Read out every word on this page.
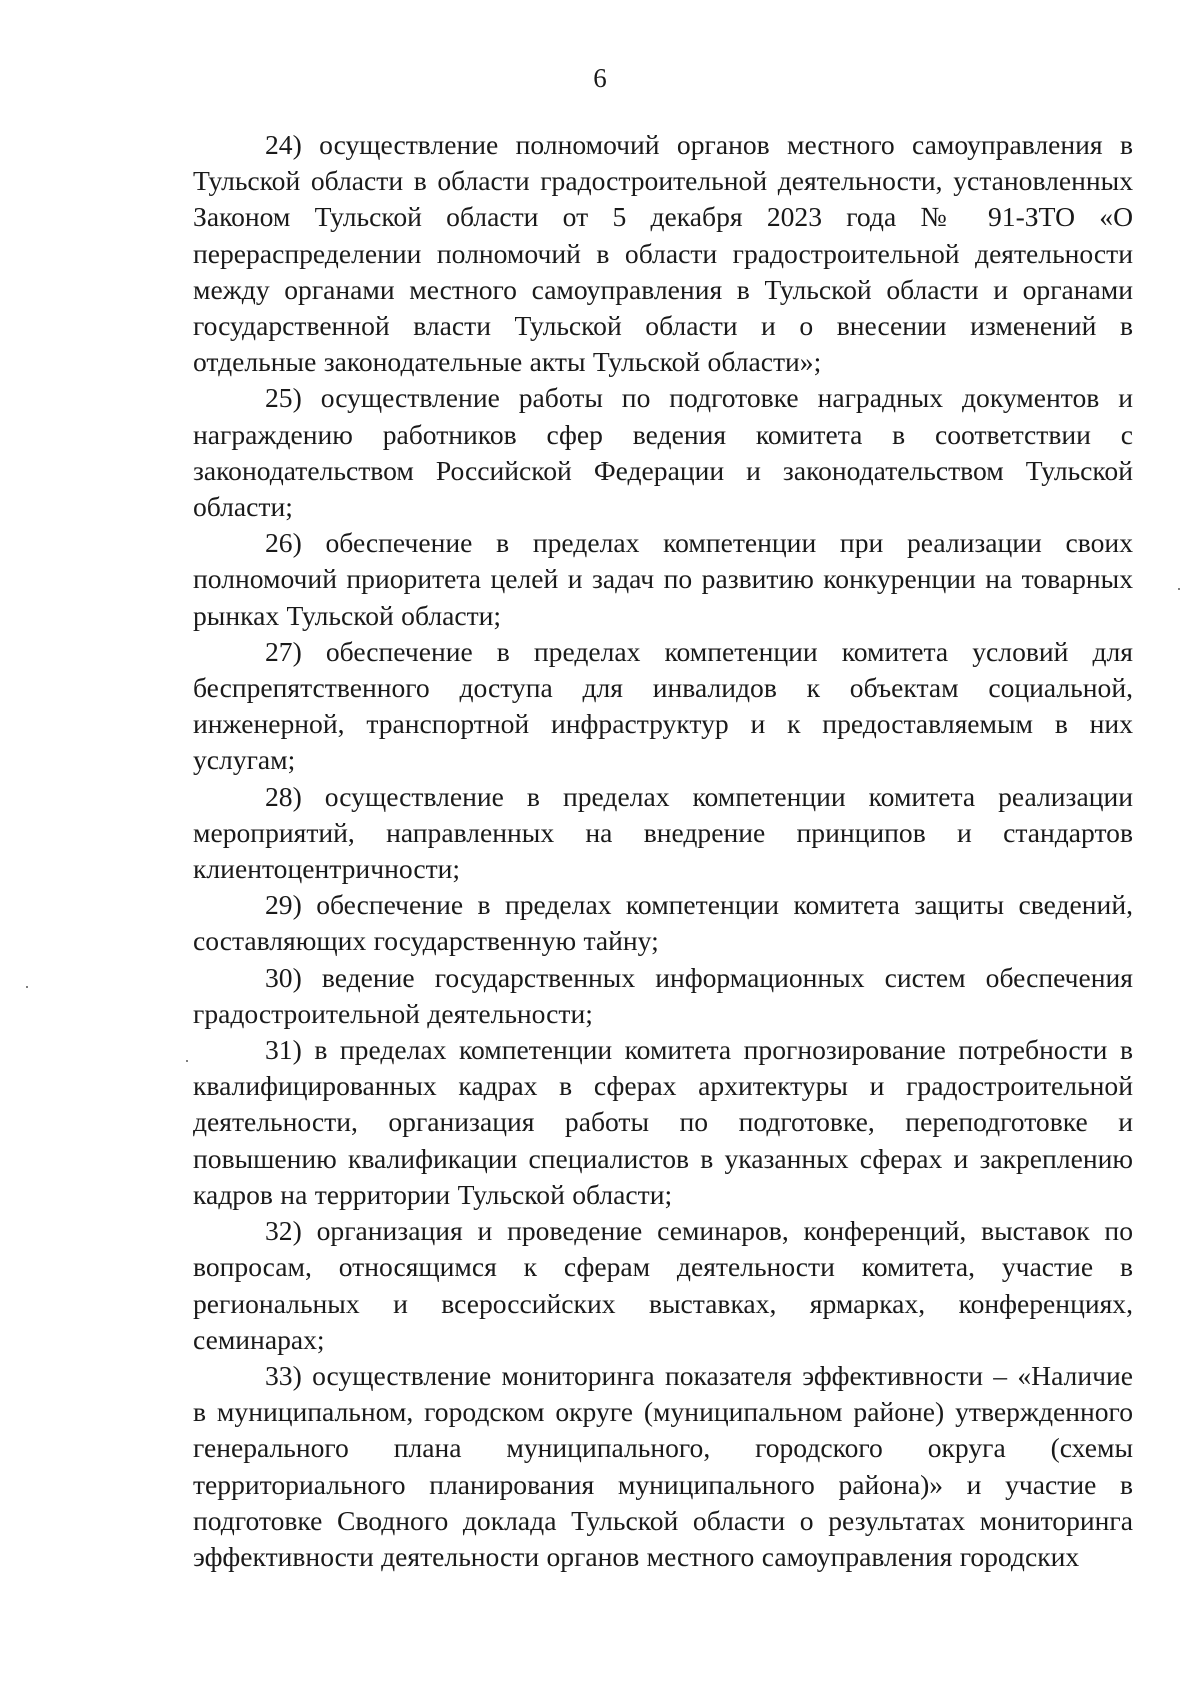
6

24) осуществление полномочий органов местного самоуправления в Тульской области в области градостроительной деятельности, установленных Законом Тульской области от 5 декабря 2023 года № 91-ЗТО «О перераспределении полномочий в области градостроительной деятельности между органами местного самоуправления в Тульской области и органами государственной власти Тульской области и о внесении изменений в отдельные законодательные акты Тульской области»;

25) осуществление работы по подготовке наградных документов и награждению работников сфер ведения комитета в соответствии с законодательством Российской Федерации и законодательством Тульской области;

26) обеспечение в пределах компетенции при реализации своих полномочий приоритета целей и задач по развитию конкуренции на товарных рынках Тульской области;

27) обеспечение в пределах компетенции комитета условий для беспрепятственного доступа для инвалидов к объектам социальной, инженерной, транспортной инфраструктур и к предоставляемым в них услугам;

28) осуществление в пределах компетенции комитета реализации мероприятий, направленных на внедрение принципов и стандартов клиентоцентричности;

29) обеспечение в пределах компетенции комитета защиты сведений, составляющих государственную тайну;

30) ведение государственных информационных систем обеспечения градостроительной деятельности;

31) в пределах компетенции комитета прогнозирование потребности в квалифицированных кадрах в сферах архитектуры и градостроительной деятельности, организация работы по подготовке, переподготовке и повышению квалификации специалистов в указанных сферах и закреплению кадров на территории Тульской области;

32) организация и проведение семинаров, конференций, выставок по вопросам, относящимся к сферам деятельности комитета, участие в региональных и всероссийских выставках, ярмарках, конференциях, семинарах;

33) осуществление мониторинга показателя эффективности – «Наличие в муниципальном, городском округе (муниципальном районе) утвержденного генерального плана муниципального, городского округа (схемы территориального планирования муниципального района)» и участие в подготовке Сводного доклада Тульской области о результатах мониторинга эффективности деятельности органов местного самоуправления городских
